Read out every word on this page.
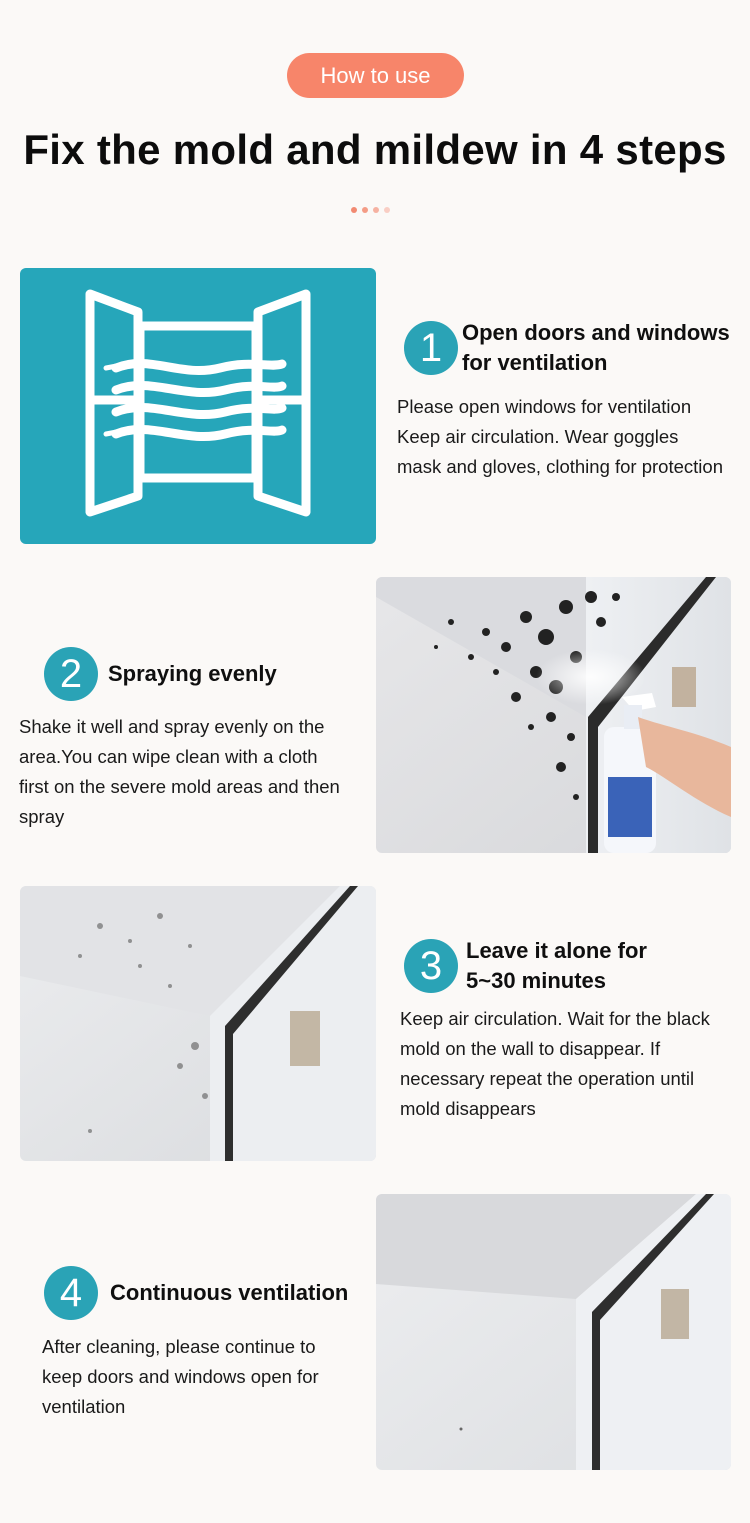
How to use
Fix the mold and mildew in 4 steps
1 Open doors and windows
for ventilation
Please open windows for ventilation
Keep air circulation. Wear goggles
mask and gloves, clothing for protection
2	Spraying evenly
Shake it well and spray evenly on the
area.You can wipe clean with a cloth
first on the severe mold areas and then
spray
3	Leave it alone for
5~30 minutes
Keep air circulation. Wait for the black
mold on the wall to disappear. If
necessary repeat the operation until
mold disappears
4	Continuous ventilation
After cleaning, please continue to
keep doors and windows open for
ventilation
